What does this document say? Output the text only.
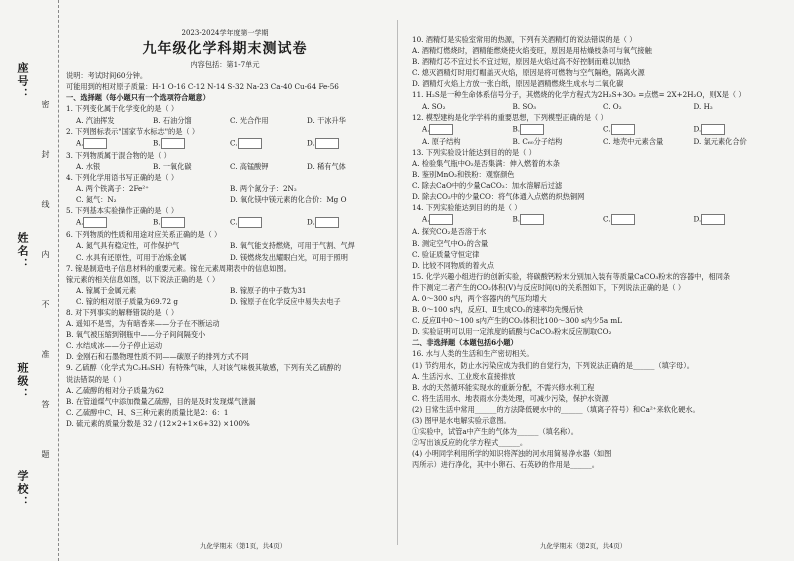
座号：
姓名：
班级：
学校：
密
封
线
内
不
准
答
题

2023-2024学年度第一学期

九年级化学科期末测试卷

内容包括：第1-7单元

说明：考试时间60分钟。

可能用到的相对原子质量：H-1 O-16 C-12 N-14 S-32 Na-23 Ca-40 Cu-64 Fe-56

一、选择题（每小题只有一个选项符合题意）

1. 下列变化属于化学变化的是（ ）

A. 汽油挥发	B. 石油分馏	C. 光合作用	D. 干冰升华

2. 下列图标表示"国家节水标志"的是（ ）

A.	B.	C.	D.

3. 下列物质属于混合物的是（ ）

A. 水银	B. 一氧化碳	C. 高锰酸钾	D. 稀有气体

4. 下列化学用语书写正确的是（ ）

A. 两个铁离子：2Fe²⁺	B. 两个氮分子：2N₂
C. 氮气：N₂	D. 氧化镁中镁元素的化合价：Mg O

5. 下列基本实验操作正确的是（ ）

A.	B.	C.	D.

6. 下列物质的性质和用途对应关系正确的是（ ）

A. 氮气具有稳定性，可作保护气	B. 氧气能支持燃烧，可用于气割、气焊
C. 水具有还原性，可用于冶炼金属	D. 镁燃烧发出耀眼白光，可用于照明

7. 镓是制造电子信息材料的重要元素。镓在元素周期表中的信息如图。

镓元素的相关信息如图，以下说法正确的是（ ）

A. 镓属于金属元素	B. 镓原子的中子数为31
C. 镓的相对原子质量为69.72 g	D. 镓原子在化学反应中易失去电子

8. 对下列事实的解释错误的是（ ）

A. 遥知不是雪，为有暗香来——分子在不断运动

B. 氧气被压缩到钢瓶中——分子间间隔变小

C. 水结成冰——分子停止运动

D. 金刚石和石墨物理性质不同——碳原子的排列方式不同

9. 乙硫醇（化学式为C₂H₅SH）有特殊气味，人对该气味极其敏感，下列有关乙硫醇的

说法错误的是（ ）

A. 乙硫醇的相对分子质量为62

B. 在管道煤气中添加微量乙硫醇，目的是及时发现煤气泄漏

C. 乙硫醇中C、H、S三种元素的质量比是2：6：1

D. 硫元素的质量分数是 32 / (12×2+1×6+32) ×100%

10. 酒精灯是实验室常用的热源，下列有关酒精灯的说法错误的是（ ）

A. 酒精灯燃烧时，酒精能燃烧使火焰变旺，原因是用枯燥枝条可与氧气接触

B. 酒精灯芯不宜过长不宜过短，原因是火焰过高不好控制而难以加热

C. 熄灭酒精灯时用灯帽盖灭火焰，原因是将可燃物与空气隔绝，隔离火源

D. 酒精灯火焰上方放一张白纸，原因是酒精燃烧生成水与二氧化碳

11. H₂S是一种生命体系信号分子，其燃烧的化学方程式为2H₂S+3O₂ =点燃= 2X+2H₂O，则X是（ ）

A. SO₂	B. SO₃	C. O₂	D. H₂

12. 模型建构是化学学科的重要思想，下列模型正确的是（ ）

A.	B.	C.	D.
A. 原子结构	B. C₆₀分子结构	C. 地壳中元素含量	D. 氯元素化合价

13. 下列实验设计能达到目的的是（ ）

A. 检验集气瓶中O₂是否集满：伸入燃着的木条

B. 鉴别MnO₂和铁粉：观察颜色

C. 除去CaO中的少量CaCO₃：加水溶解后过滤

D. 除去CO₂中的少量CO：将气体通入点燃的炽热铜网

14. 下列实验能达到目的的是（ ）

A.	B.	C.	D.

A. 探究CO₂是否溶于水

B. 测定空气中O₂的含量

C. 验证质量守恒定律

D. 比较不同物质的着火点

15. 化学兴趣小组进行的创新实验，将碳酸钙粉末分别加入装有等质量CaCO₃粉末的容器中，相同条

件下测定二者产生的CO₂体积(V)与反应时间(t)的关系图如下，下列说法正确的是（ ）

A. 0～300 s内，两个容器内的气压均增大

B. 0～100 s内，反应Ⅰ、Ⅱ生成CO₂的速率均先慢后快

C. 反应Ⅱ中0～100 s内产生的CO₂体积比100～300 s内少5a mL

D. 实验证明可以用一定浓度的硫酸与CaCO₃粉末反应制取CO₂

二、非选择题（本题包括6小题）

16. 水与人类的生活和生产密切相关。

(1) 节约用水，防止水污染应成为我们的自觉行为，下列说法正确的是______（填字母）。

A. 生活污水、工业废水直接排放

B. 水的天然循环能实现水的重新分配，不需兴修水利工程

C. 将生活用水、地表雨水分类处理，可减少污染，保护水资源

(2) 日常生活中常用______的方法降低硬水中的______（填离子符号）和Ca²⁺来软化硬水。

(3) 图甲是水电解实验示意图。

①实验中，试管a中产生的气体为______（填名称）。

②写出该反应的化学方程式______。

(4) 小明同学利用所学的知识将浑浊的河水用简易净水器（如图

丙所示）进行净化，其中小卵石、石英砂的作用是______。

九化学期末（第1页，共4页）	九化学期末（第2页，共4页）
